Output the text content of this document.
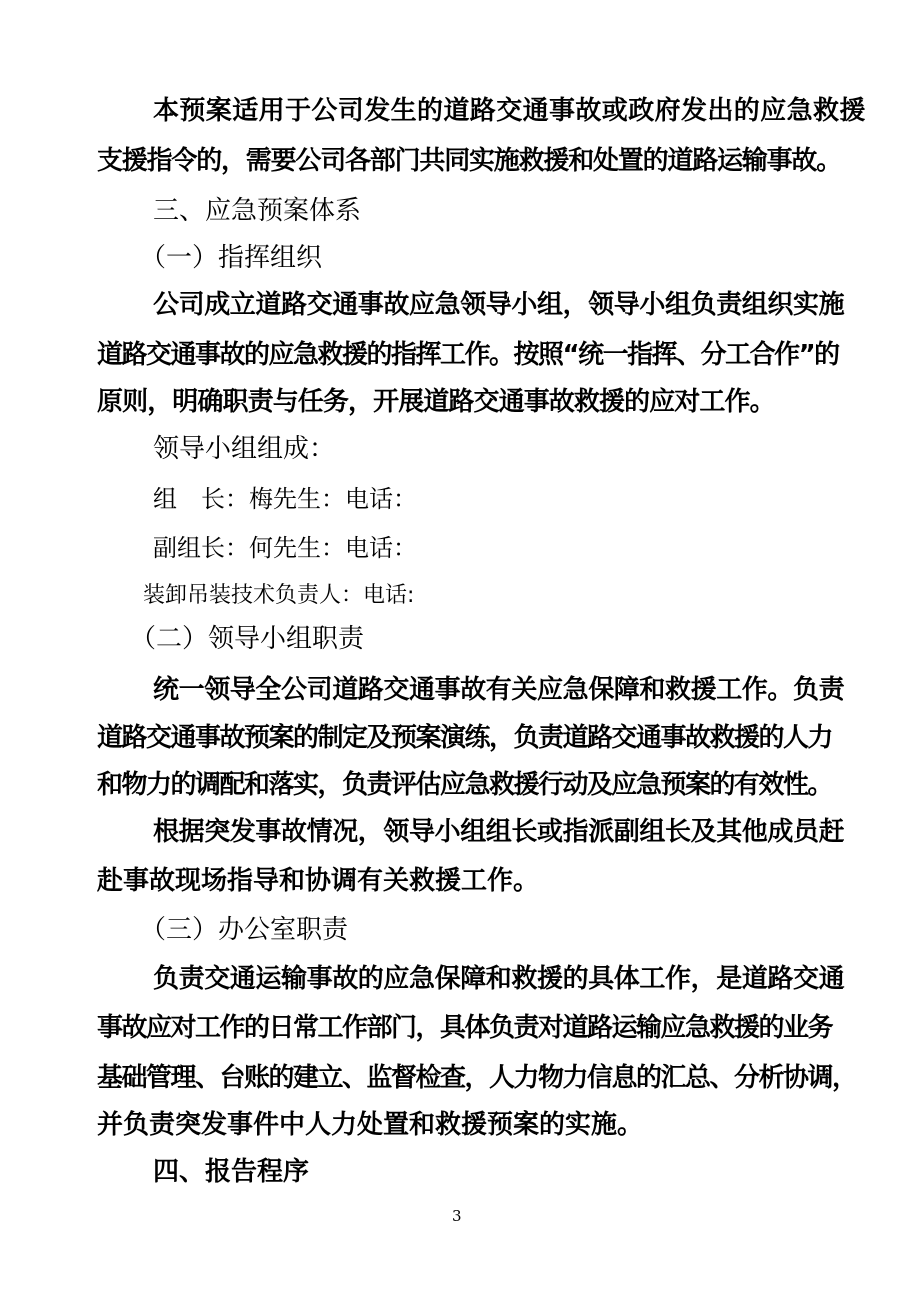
本预案适用于公司发生的道路交通事故或政府发出的应急救援
支援指令的，需要公司各部门共同实施救援和处置的道路运输事故。
三、应急预案体系
（一）指挥组织
公司成立道路交通事故应急领导小组，领导小组负责组织实施
道路交通事故的应急救援的指挥工作。按照“统一指挥、分工合作”的
原则，明确职责与任务，开展道路交通事故救援的应对工作。
领导小组组成：
组　长：梅先生：电话：
副组长：何先生：电话：
装卸吊装技术负责人：电话:
（二）领导小组职责
统一领导全公司道路交通事故有关应急保障和救援工作。负责
道路交通事故预案的制定及预案演练，负责道路交通事故救援的人力
和物力的调配和落实，负责评估应急救援行动及应急预案的有效性。
根据突发事故情况，领导小组组长或指派副组长及其他成员赶
赴事故现场指导和协调有关救援工作。
（三）办公室职责
负责交通运输事故的应急保障和救援的具体工作，是道路交通
事故应对工作的日常工作部门，具体负责对道路运输应急救援的业务
基础管理、台账的建立、监督检查，人力物力信息的汇总、分析协调，
并负责突发事件中人力处置和救援预案的实施。
四、报告程序
3
